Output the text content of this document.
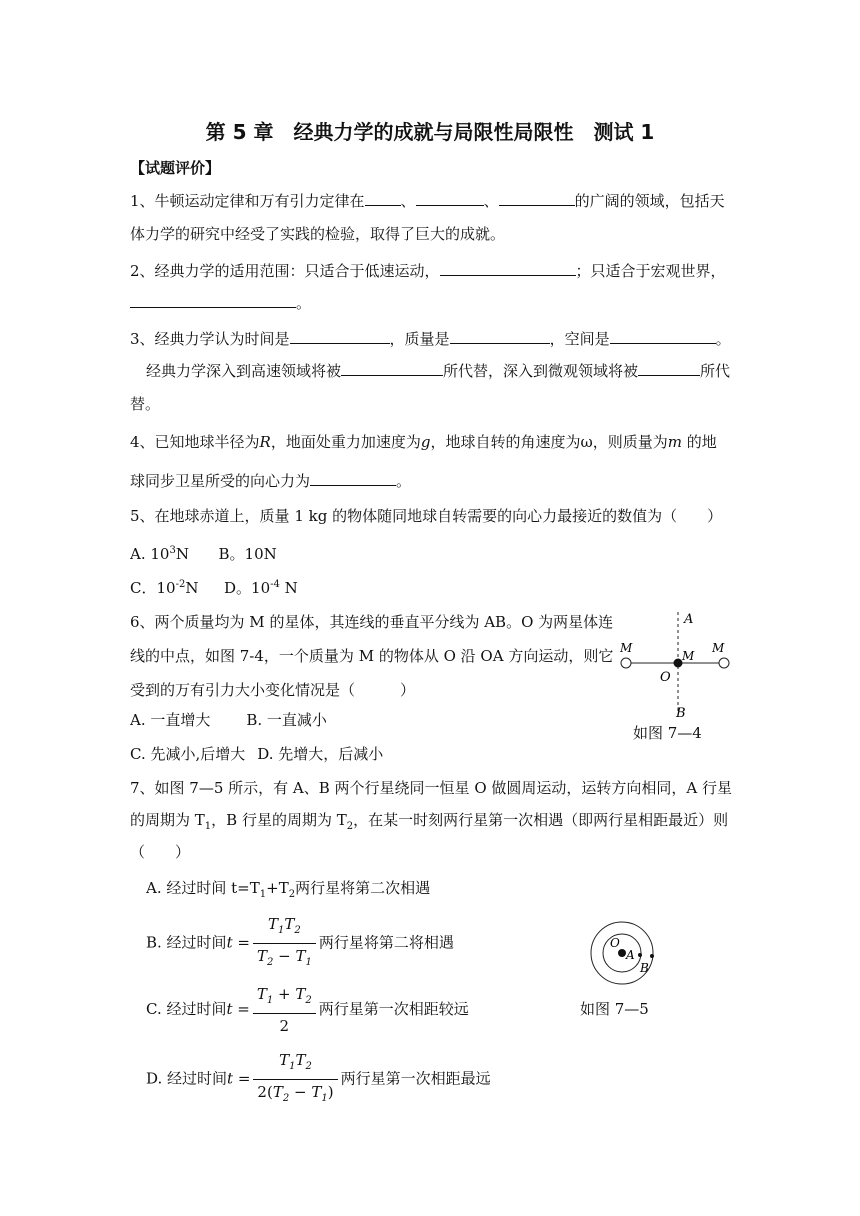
第 5 章　经典力学的成就与局限性局限性　测试 1
【试题评价】
1、牛顿运动定律和万有引力定律在 、	、	的广阔的领域，包括天
体力学的研究中经受了实践的检验，取得了巨大的成就。
2、经典力学的适用范围：只适合于低速运动，	；只适合于宏观世界，
。
3、经典力学认为时间是	，质量是	，空间是	。
经典力学深入到高速领域将被	所代替，深入到微观领域将被	所代
替。
4、已知地球半径为R，地面处重力加速度为g，地球自转的角速度为ω，则质量为m 的地
球同步卫星所受的向心力为	。
5、在地球赤道上，质量 1 kg 的物体随同地球自转需要的向心力最接近的数值为（　　）
A. $10^3N$ B。10N
C．$10^{-2}N$ D。$10^{-4}$ N
6、两个质量均为 M 的星体，其连线的垂直平分线为 AB。O 为两星体连
线的中点，如图 7-4，一个质量为 M 的物体从 O 沿 OA 方向运动，则它
受到的万有引力大小变化情况是（　　　）
A. 一直增大 B. 一直减小
C. 先减小,后增大 D. 先增大，后减小
A
B
O
M
M
M
如图 7—4
7、如图 7—5 所示，有 A、B 两个行星绕同一恒星 O 做圆周运动，运转方向相同，A 行星
的周期为 $T_1$，B 行星的周期为 $T_2$，在某一时刻两行星第一次相遇（即两行星相距最近）则
（　　）
A. 经过时间 $t=T_1+T_2$两行星将第二次相遇
B. 经过时间$t = \frac{T_1T_2}{T_2 - T_1}$ 两行星将第二将相遇
C. 经过时间$t = \frac{T_1 + T_2}{2}$ 两行星第一次相距较远
D. 经过时间$t = \frac{T_1T_2}{2(T_2 - T_1)}$ 两行星第一次相距最远
O
A
B
如图 7—5
